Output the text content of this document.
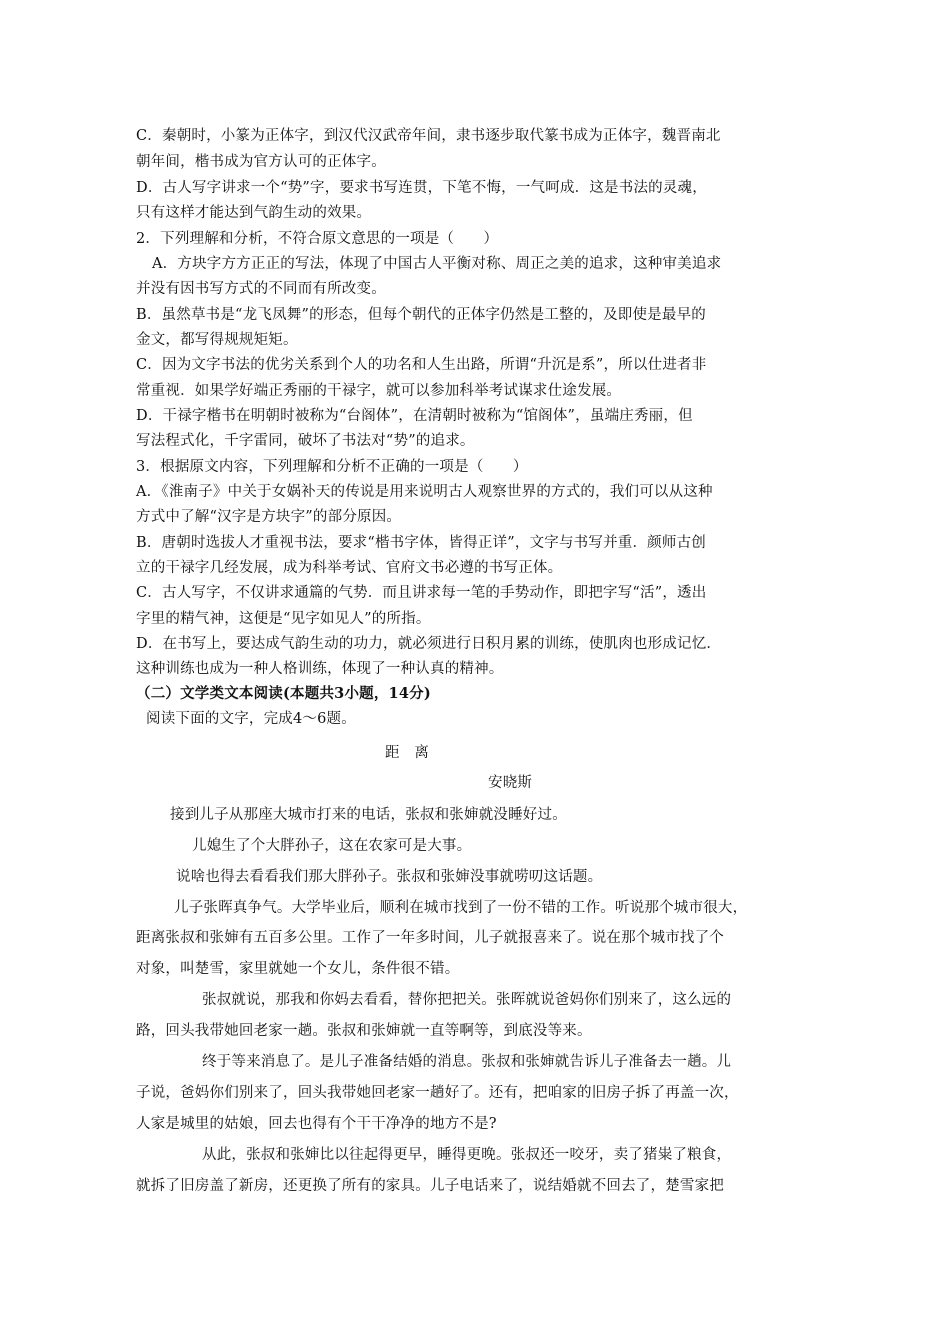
C．秦朝时，小篆为正体字，到汉代汉武帝年间，隶书逐步取代篆书成为正体字，魏晋南北
朝年间，楷书成为官方认可的正体字。
D．古人写字讲求一个“势”字，要求书写连贯，下笔不悔，一气呵成．这是书法的灵魂，
只有这样才能达到气韵生动的效果。
2．下列理解和分析，不符合原文意思的一项是（　　）
A．方块字方方正正的写法，体现了中国古人平衡对称、周正之美的追求，这种审美追求
并没有因书写方式的不同而有所改变。
B．虽然草书是“龙飞凤舞”的形态，但每个朝代的正体字仍然是工整的，及即使是最早的
金文，都写得规规矩矩。
C．因为文字书法的优劣关系到个人的功名和人生出路，所谓“升沉是系”，所以仕进者非
常重视．如果学好端正秀丽的干禄字，就可以参加科举考试谋求仕途发展。
D．干禄字楷书在明朝时被称为“台阁体”，在清朝时被称为“馆阁体”，虽端庄秀丽，但
写法程式化，千字雷同，破坏了书法对“势”的追求。
3．根据原文内容，下列理解和分析不正确的一项是（　　）
A．《淮南子》中关于女娲补天的传说是用来说明古人观察世界的方式的，我们可以从这种
方式中了解“汉字是方块字”的部分原因。
B．唐朝时选拔人才重视书法，要求“楷书字体，皆得正详”，文字与书写并重．颜师古创
立的干禄字几经发展，成为科举考试、官府文书必遵的书写正体。
C．古人写字，不仅讲求通篇的气势．而且讲求每一笔的手势动作，即把字写“活”，透出
字里的精气神，这便是“见字如见人”的所指。
D．在书写上，要达成气韵生动的功力，就必须进行日积月累的训练，使肌肉也形成记忆．
这种训练也成为一种人格训练，体现了一种认真的精神。
（二）文学类文本阅读(本题共3小题，14分)
阅读下面的文字，完成4～6题。
距　离
安晓斯
接到儿子从那座大城市打来的电话，张叔和张婶就没睡好过。
儿媳生了个大胖孙子，这在农家可是大事。
说啥也得去看看我们那大胖孙子。张叔和张婶没事就唠叨这话题。
儿子张晖真争气。大学毕业后，顺利在城市找到了一份不错的工作。听说那个城市很大，
距离张叔和张婶有五百多公里。工作了一年多时间，儿子就报喜来了。说在那个城市找了个
对象，叫楚雪，家里就她一个女儿，条件很不错。
张叔就说，那我和你妈去看看，替你把把关。张晖就说爸妈你们别来了，这么远的
路，回头我带她回老家一趟。张叔和张婶就一直等啊等，到底没等来。
终于等来消息了。是儿子准备结婚的消息。张叔和张婶就告诉儿子准备去一趟。儿
子说，爸妈你们别来了，回头我带她回老家一趟好了。还有，把咱家的旧房子拆了再盖一次，
人家是城里的姑娘，回去也得有个干干净净的地方不是?
从此，张叔和张婶比以往起得更早，睡得更晚。张叔还一咬牙，卖了猪粜了粮食，
就拆了旧房盖了新房，还更换了所有的家具。儿子电话来了，说结婚就不回去了，楚雪家把
